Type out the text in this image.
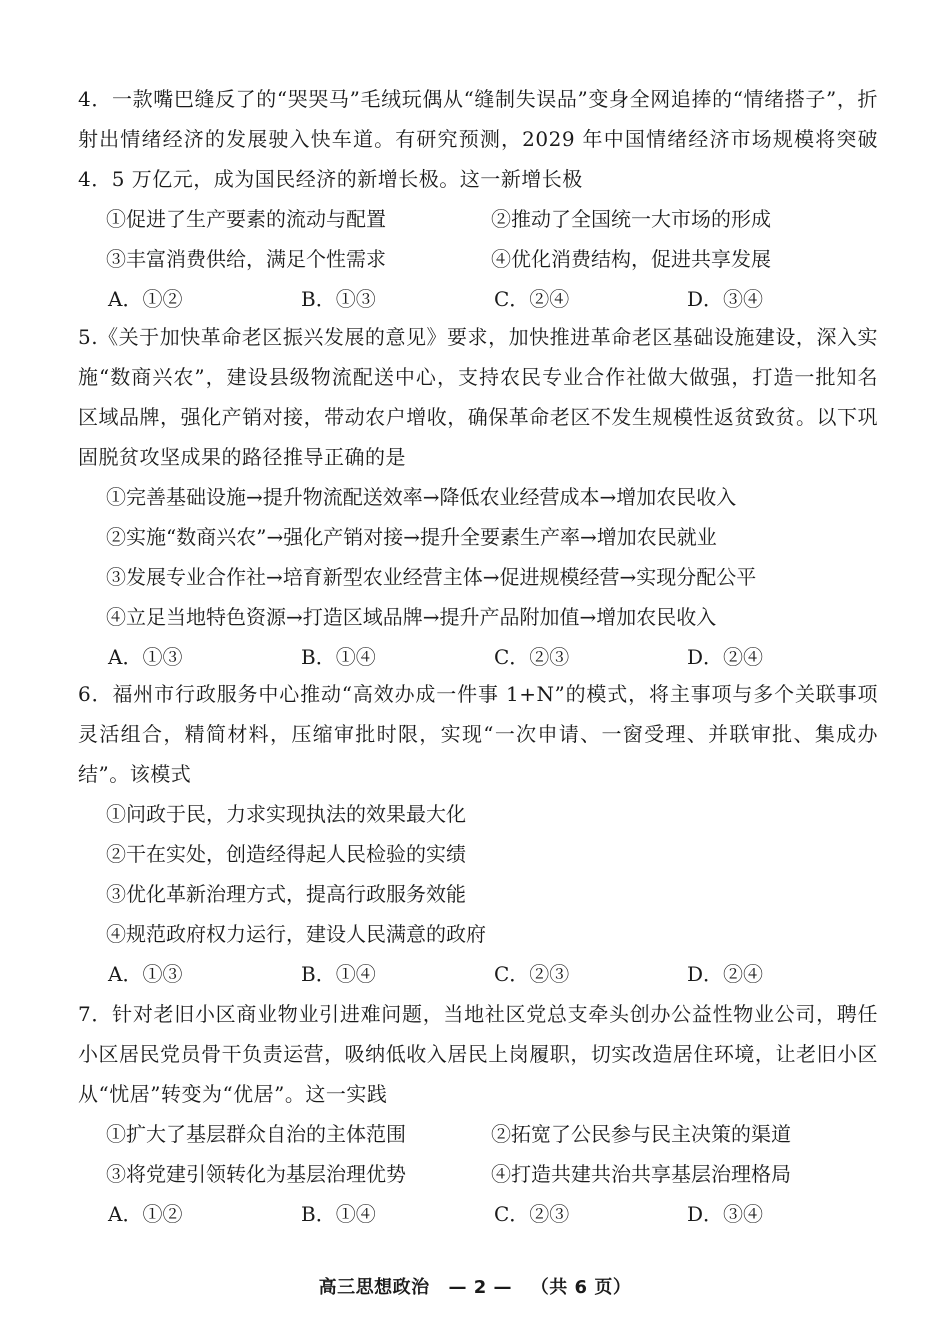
4．一款嘴巴缝反了的“哭哭马”毛绒玩偶从“缝制失误品”变身全网追捧的“情绪搭子”，折射出情绪经济的发展驶入快车道。有研究预测，2029 年中国情绪经济市场规模将突破 4．5 万亿元，成为国民经济的新增长极。这一新增长极

①促进了生产要素的流动与配置	②推动了全国统一大市场的形成
③丰富消费供给，满足个性需求	④优化消费结构，促进共享发展
A．①②	B．①③	C．②④	D．③④

5.《关于加快革命老区振兴发展的意见》要求，加快推进革命老区基础设施建设，深入实施“数商兴农”，建设县级物流配送中心，支持农民专业合作社做大做强，打造一批知名区域品牌，强化产销对接，带动农户增收，确保革命老区不发生规模性返贫致贫。以下巩固脱贫攻坚成果的路径推导正确的是

①完善基础设施→提升物流配送效率→降低农业经营成本→增加农民收入
②实施“数商兴农”→强化产销对接→提升全要素生产率→增加农民就业
③发展专业合作社→培育新型农业经营主体→促进规模经营→实现分配公平
④立足当地特色资源→打造区域品牌→提升产品附加值→增加农民收入
A．①③	B．①④	C．②③	D．②④

6．福州市行政服务中心推动“高效办成一件事 1+N”的模式，将主事项与多个关联事项灵活组合，精简材料，压缩审批时限，实现“一次申请、一窗受理、并联审批、集成办结”。该模式

①问政于民，力求实现执法的效果最大化
②干在实处，创造经得起人民检验的实绩
③优化革新治理方式，提高行政服务效能
④规范政府权力运行，建设人民满意的政府
A．①③	B．①④	C．②③	D．②④

7．针对老旧小区商业物业引进难问题，当地社区党总支牵头创办公益性物业公司，聘任小区居民党员骨干负责运营，吸纳低收入居民上岗履职，切实改造居住环境，让老旧小区从“忧居”转变为“优居”。这一实践

①扩大了基层群众自治的主体范围	②拓宽了公民参与民主决策的渠道
③将党建引领转化为基层治理优势	④打造共建共治共享基层治理格局
A．①②	B．①④	C．②③	D．③④
高三思想政治 — 2 — （共 6 页）
